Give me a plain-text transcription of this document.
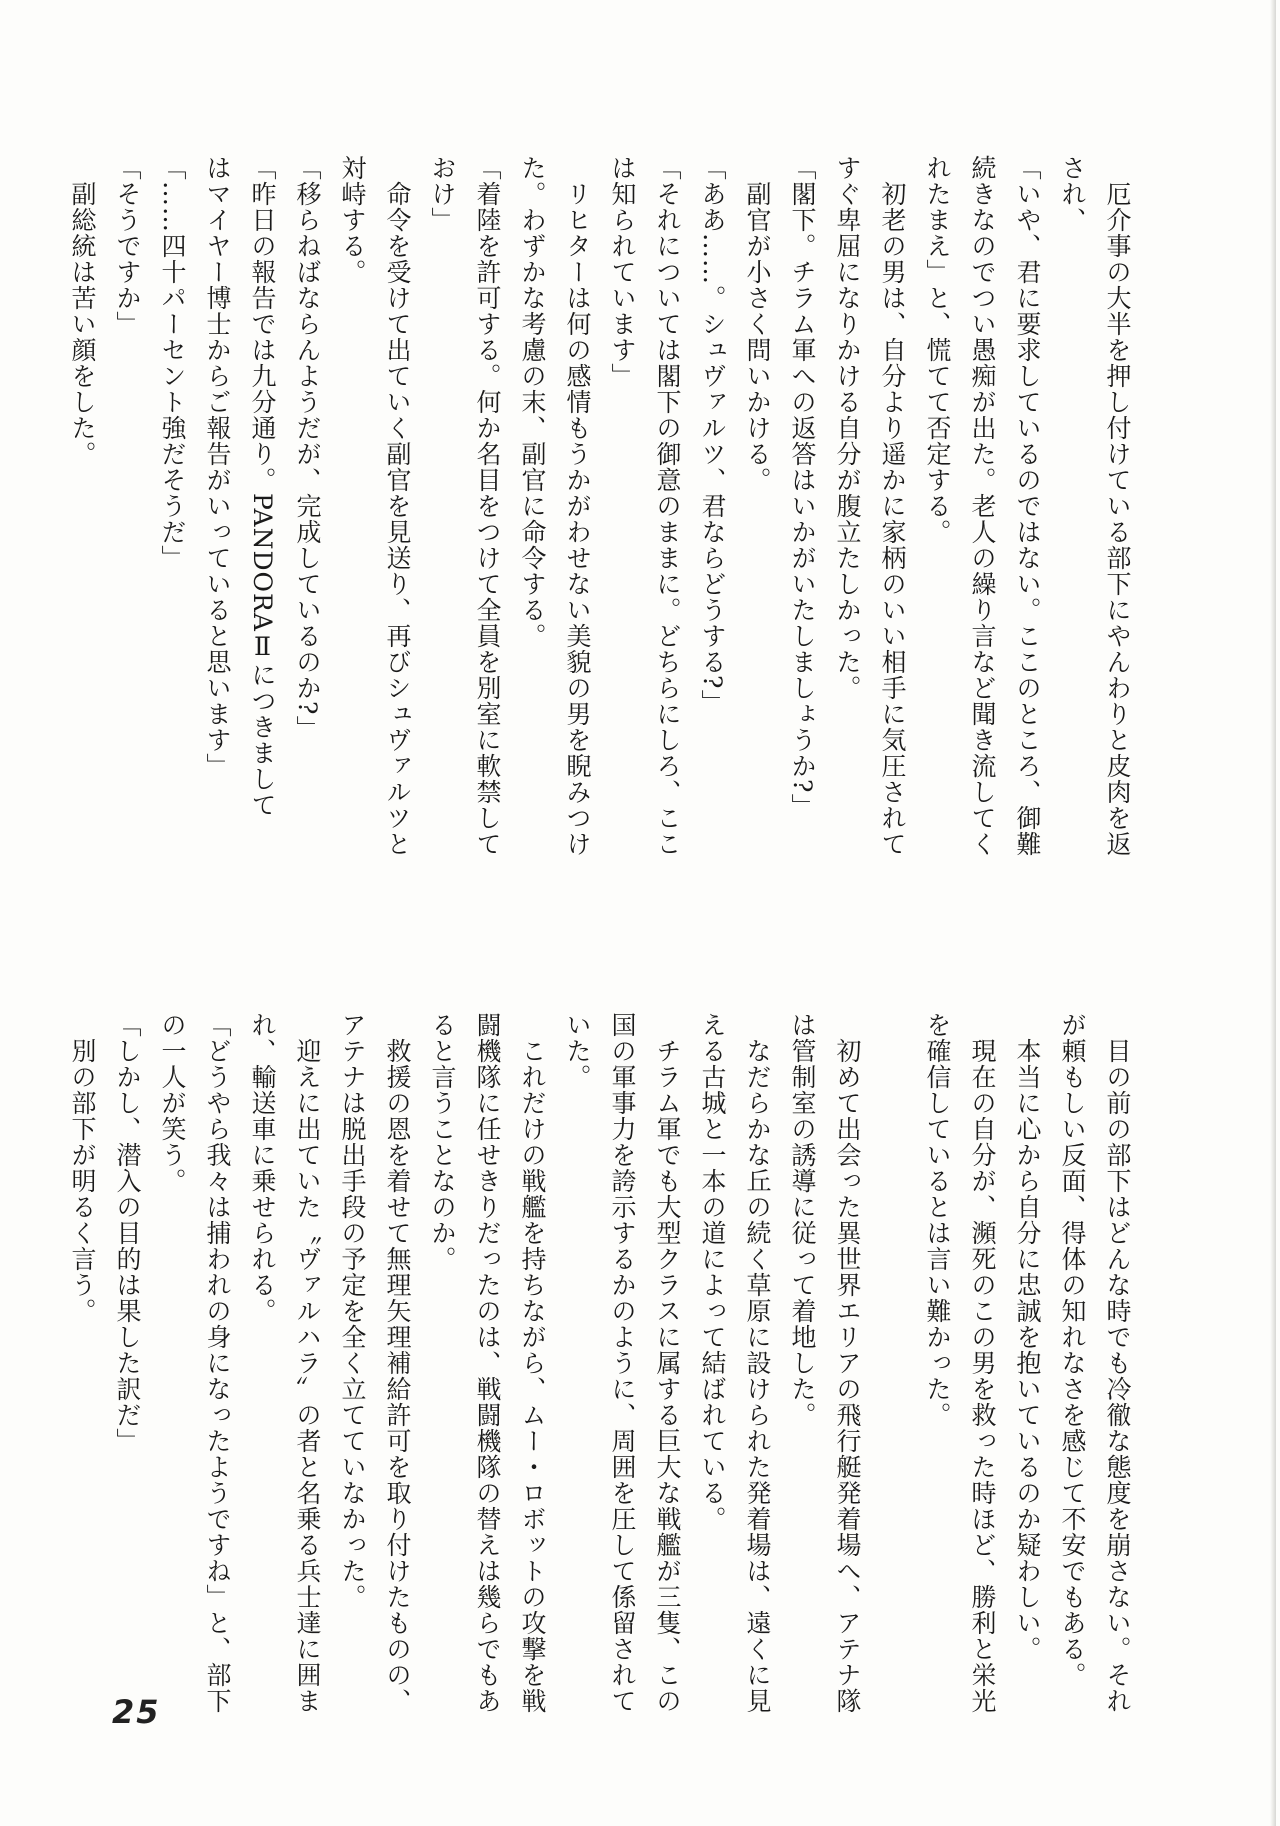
　厄介事の大半を押し付けている部下にやんわりと皮肉を返
され、
「いや、君に要求しているのではない。ここのところ、御難
続きなのでつい愚痴が出た。老人の繰り言など聞き流してく
れたまえ」と、慌てて否定する。
　初老の男は、自分より遥かに家柄のいい相手に気圧されて
すぐ卑屈になりかける自分が腹立たしかった。
「閣下。チラム軍への返答はいかがいたしましょうか?」
　副官が小さく問いかける。
「ああ……。シュヴァルツ、君ならどうする?」
「それについては閣下の御意のままに。どちらにしろ、ここ
は知られています」
　リヒターは何の感情もうかがわせない美貌の男を睨みつけ
た。わずかな考慮の末、副官に命令する。
「着陸を許可する。何か名目をつけて全員を別室に軟禁して
おけ」
　命令を受けて出ていく副官を見送り、再びシュヴァルツと
対峙する。
「移らねばならんようだが、完成しているのか?」
「昨日の報告では九分通り。PANDORAⅡにつきまして
はマイヤー博士からご報告がいっていると思います」
「……四十パーセント強だそうだ」
「そうですか」
　副総統は苦い顔をした。
　目の前の部下はどんな時でも冷徹な態度を崩さない。それ
が頼もしい反面、得体の知れなさを感じて不安でもある。
　本当に心から自分に忠誠を抱いているのか疑わしい。
　現在の自分が、瀕死のこの男を救った時ほど、勝利と栄光
を確信しているとは言い難かった。

　初めて出会った異世界エリアの飛行艇発着場へ、アテナ隊
は管制室の誘導に従って着地した。
　なだらかな丘の続く草原に設けられた発着場は、遠くに見
える古城と一本の道によって結ばれている。
　チラム軍でも大型クラスに属する巨大な戦艦が三隻、この
国の軍事力を誇示するかのように、周囲を圧して係留されて
いた。
　これだけの戦艦を持ちながら、ムー・ロボットの攻撃を戦
闘機隊に任せきりだったのは、戦闘機隊の替えは幾らでもあ
ると言うことなのか。
　救援の恩を着せて無理矢理補給許可を取り付けたものの、
アテナは脱出手段の予定を全く立てていなかった。
　迎えに出ていた〝ヴァルハラ〟の者と名乗る兵士達に囲ま
れ、輸送車に乗せられる。
「どうやら我々は捕われの身になったようですね」と、部下
の一人が笑う。
「しかし、潜入の目的は果した訳だ」
　別の部下が明るく言う。
25
